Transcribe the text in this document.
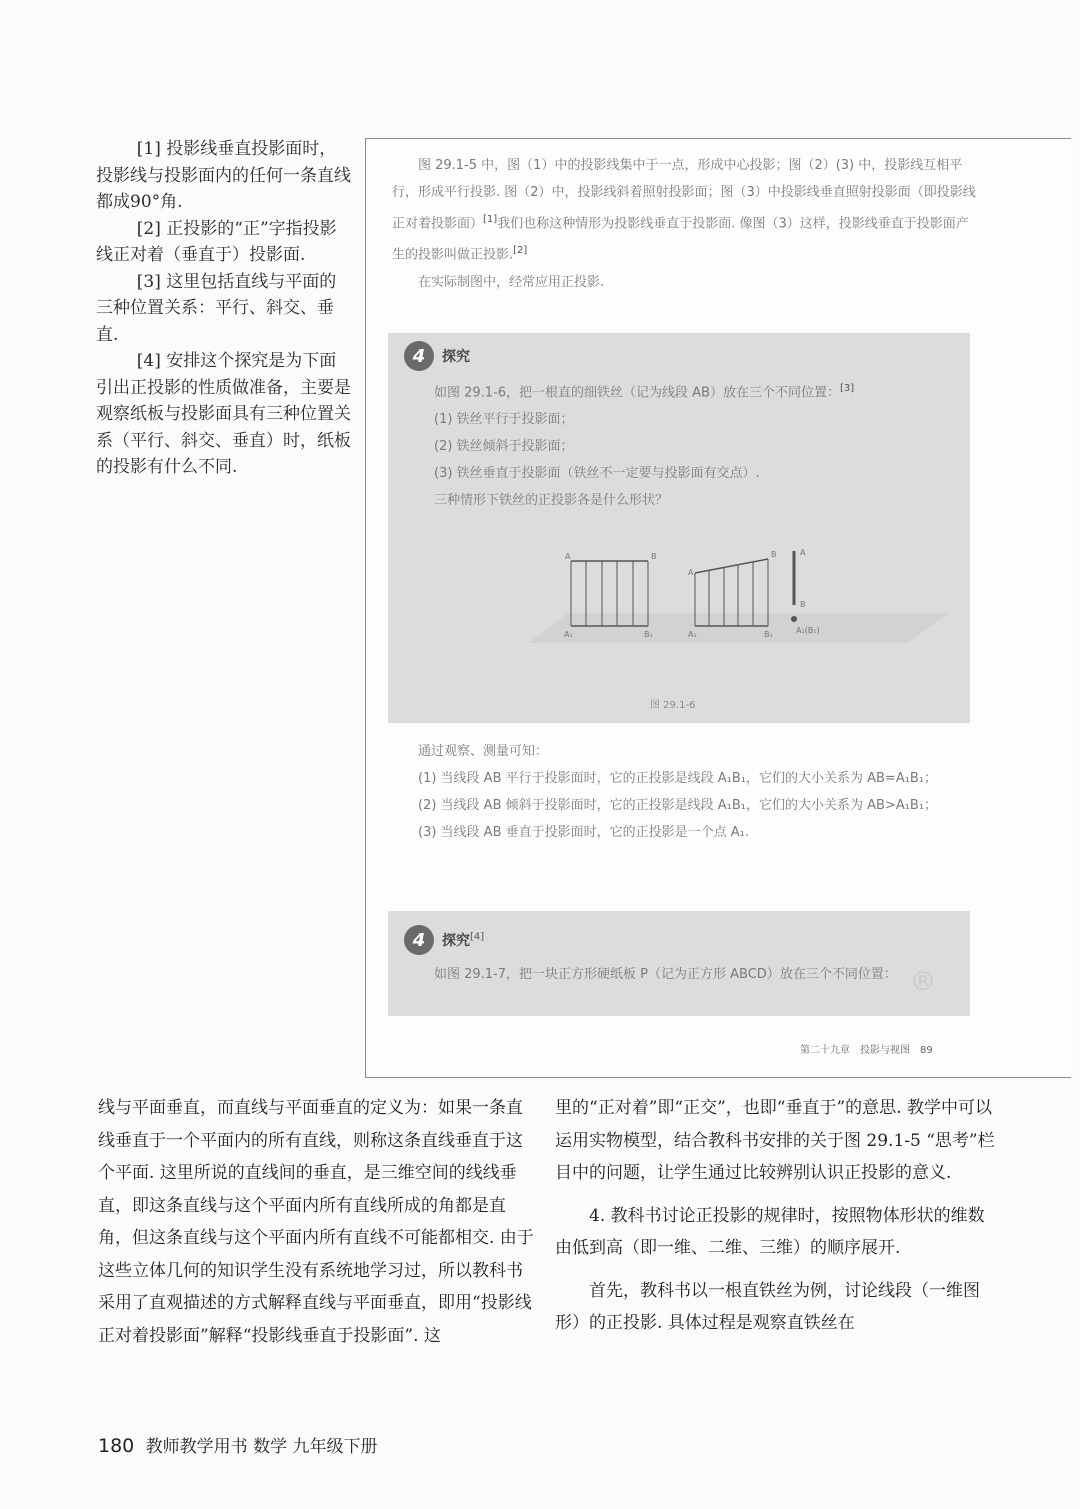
[1] 投影线垂直投影面时，投影线与投影面内的任何一条直线都成90°角.

[2] 正投影的“正”字指投影线正对着（垂直于）投影面.

[3] 这里包括直线与平面的三种位置关系：平行、斜交、垂直.

[4] 安排这个探究是为下面引出正投影的性质做准备，主要是观察纸板与投影面具有三种位置关系（平行、斜交、垂直）时，纸板的投影有什么不同.

图 29.1-5 中，图（1）中的投影线集中于一点，形成中心投影；图（2）(3) 中，投影线互相平行，形成平行投影. 图（2）中，投影线斜着照射投影面；图（3）中投影线垂直照射投影面（即投影线正对着投影面）[1]我们也称这种情形为投影线垂直于投影面. 像图（3）这样，投影线垂直于投影面产生的投影叫做正投影.[2]

在实际制图中，经常应用正投影.

4	探究

如图 29.1-6，把一根直的细铁丝（记为线段 AB）放在三个不同位置：[3]

(1) 铁丝平行于投影面；

(2) 铁丝倾斜于投影面；

(3) 铁丝垂直于投影面（铁丝不一定要与投影面有交点）.

三种情形下铁丝的正投影各是什么形状？

A	B
A₁	B₁
A
B
A₁	B₁
A
B
A₁(B₁)
图 29.1-6

通过观察、测量可知：

(1) 当线段 AB 平行于投影面时，它的正投影是线段 A₁B₁，它们的大小关系为 AB=A₁B₁；

(2) 当线段 AB 倾斜于投影面时，它的正投影是线段 A₁B₁，它们的大小关系为 AB>A₁B₁；

(3) 当线段 AB 垂直于投影面时，它的正投影是一个点 A₁.

4	探究[4]

如图 29.1-7，把一块正方形硬纸板 P（记为正方形 ABCD）放在三个不同位置： ®
第二十九章　投影与视图　89

线与平面垂直，而直线与平面垂直的定义为：如果一条直线垂直于一个平面内的所有直线，则称这条直线垂直于这个平面. 这里所说的直线间的垂直，是三维空间的线线垂直，即这条直线与这个平面内所有直线所成的角都是直角，但这条直线与这个平面内所有直线不可能都相交. 由于这些立体几何的知识学生没有系统地学习过，所以教科书采用了直观描述的方式解释直线与平面垂直，即用“投影线正对着投影面”解释“投影线垂直于投影面”. 这

里的“正对着”即“正交”，也即“垂直于”的意思. 教学中可以运用实物模型，结合教科书安排的关于图 29.1-5 “思考”栏目中的问题，让学生通过比较辨别认识正投影的意义.

4. 教科书讨论正投影的规律时，按照物体形状的维数由低到高（即一维、二维、三维）的顺序展开.

首先，教科书以一根直铁丝为例，讨论线段（一维图形）的正投影. 具体过程是观察直铁丝在

180 教师教学用书 数学 九年级下册
